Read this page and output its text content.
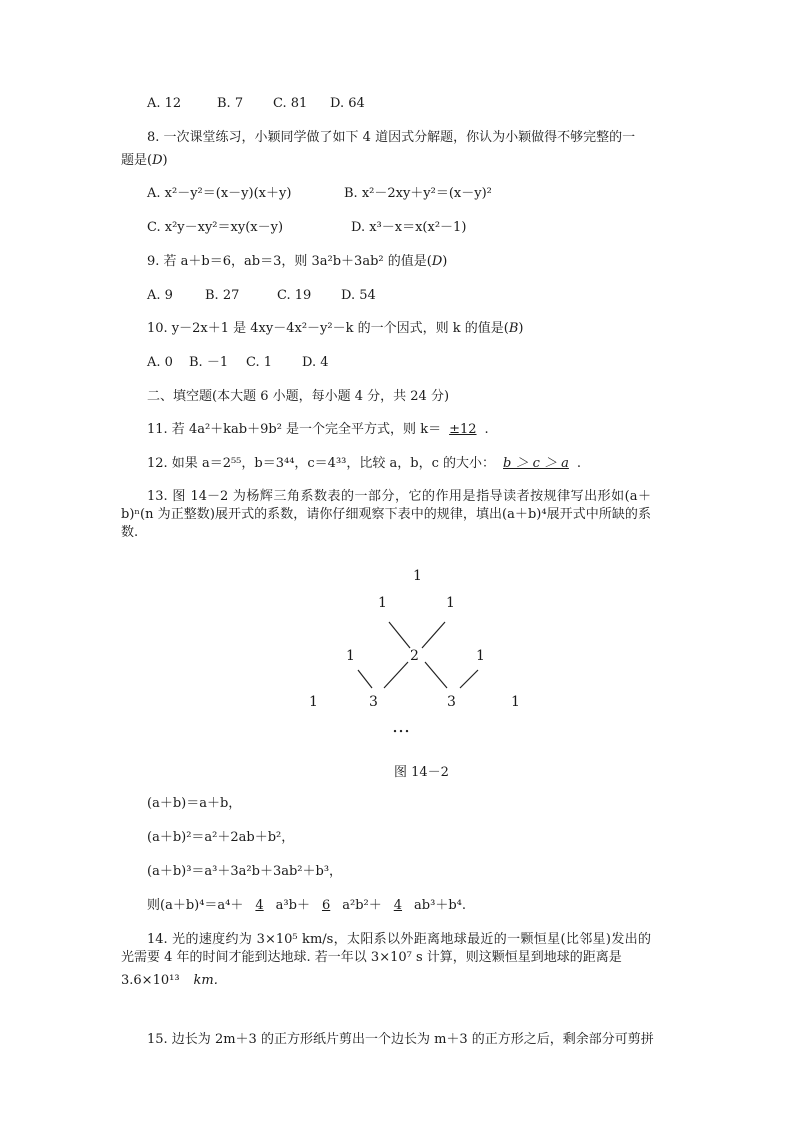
A. 12	B. 7 C. 81 D. 64
8. 一次课堂练习，小颖同学做了如下 4 道因式分解题，你认为小颖做得不够完整的一
题是(D)
A. x²－y²＝(x－y)(x＋y)	B. x²－2xy＋y²＝(x－y)²
C. x²y－xy²＝xy(x－y)	D. x³－x＝x(x²－1)
9. 若 a＋b＝6，ab＝3，则 3a²b＋3ab² 的值是(D)
A. 9 B. 27	C. 19 D. 54
10. y－2x＋1 是 4xy－4x²－y²－k 的一个因式，则 k 的值是(B)
A. 0 B. －1 C. 1 D. 4
二、填空题(本大题 6 小题，每小题 4 分，共 24 分)
11. 若 4a²＋kab＋9b² 是一个完全平方式，则 k＝ ±12 .
12. 如果 a＝2⁵⁵，b＝3⁴⁴，c＝4³³，比较 a，b，c 的大小： b ＞ c ＞ a .
13. 图 14－2 为杨辉三角系数表的一部分，它的作用是指导读者按规律写出形如(a＋b)ⁿ(n 为正整数)展开式的系数，请你仔细观察下表中的规律，填出(a＋b)⁴展开式中所缺的系数.
1
1	1
1	2	1
1	3	3	1
…
图 14－2
(a＋b)＝a＋b，
(a＋b)²＝a²＋2ab＋b²，
(a＋b)³＝a³＋3a²b＋3ab²＋b³，
则(a＋b)⁴＝a⁴＋ 4 a³b＋ 6 a²b²＋ 4 ab³＋b⁴.
14. 光的速度约为 3×10⁵ km/s，太阳系以外距离地球最近的一颗恒星(比邻星)发出的光需要 4 年的时间才能到达地球. 若一年以 3×10⁷ s 计算，则这颗恒星到地球的距离是
3.6×10¹³ km.
15. 边长为 2m＋3 的正方形纸片剪出一个边长为 m＋3 的正方形之后，剩余部分可剪拼
